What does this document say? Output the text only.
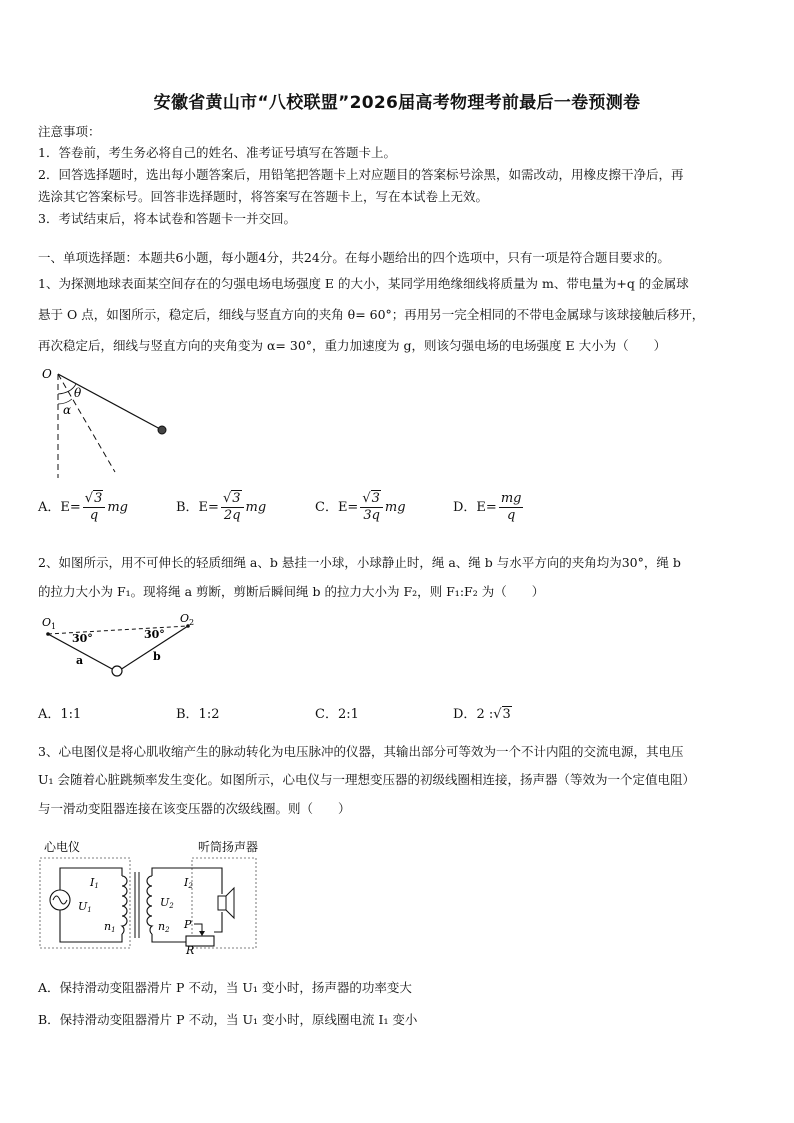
安徽省黄山市“八校联盟”2026届高考物理考前最后一卷预测卷
注意事项：
1．答卷前，考生务必将自己的姓名、准考证号填写在答题卡上。
2．回答选择题时，选出每小题答案后，用铅笔把答题卡上对应题目的答案标号涂黑，如需改动，用橡皮擦干净后，再
选涂其它答案标号。回答非选择题时，将答案写在答题卡上，写在本试卷上无效。
3．考试结束后，将本试卷和答题卡一并交回。
一、单项选择题：本题共6小题，每小题4分，共24分。在每小题给出的四个选项中，只有一项是符合题目要求的。
1、为探测地球表面某空间存在的匀强电场电场强度 E 的大小，某同学用绝缘细线将质量为 m、带电量为+q 的金属球
悬于 O 点，如图所示，稳定后，细线与竖直方向的夹角 θ= 60°；再用另一完全相同的不带电金属球与该球接触后移开，
再次稳定后，细线与竖直方向的夹角变为 α= 30°，重力加速度为 g，则该匀强电场的电场强度 E 大小为（　　）
O
θ
α
A．$E= \frac{√3}{q}$ mg	B．$E= \frac{√3}{2q}$ mg	C．$E= \frac{√3}{3q}$ mg	D．$E= \frac{mg}{q}$
2、如图所示，用不可伸长的轻质细绳 a、b 悬挂一小球，小球静止时，绳 a、绳 b 与水平方向的夹角均为30°，绳 b
的拉力大小为 F₁。现将绳 a 剪断，剪断后瞬间绳 b 的拉力大小为 F₂，则 F₁:F₂ 为（　　）
$O_1$
$O_2$
30°	30°
a	b
A．1:1	B．1:2	C．2:1	D．2 :√3
3、心电图仪是将心肌收缩产生的脉动转化为电压脉冲的仪器，其输出部分可等效为一个不计内阻的交流电源，其电压
U₁ 会随着心脏跳频率发生变化。如图所示，心电仪与一理想变压器的初级线圈相连接，扬声器（等效为一个定值电阻）
与一滑动变阻器连接在该变压器的次级线圈。则（　　）
心电仪	听筒扬声器
I1
U1
n1
U2
n2
I2
P
R
A．保持滑动变阻器滑片 P 不动，当 U₁ 变小时，扬声器的功率变大
B．保持滑动变阻器滑片 P 不动，当 U₁ 变小时，原线圈电流 I₁ 变小
